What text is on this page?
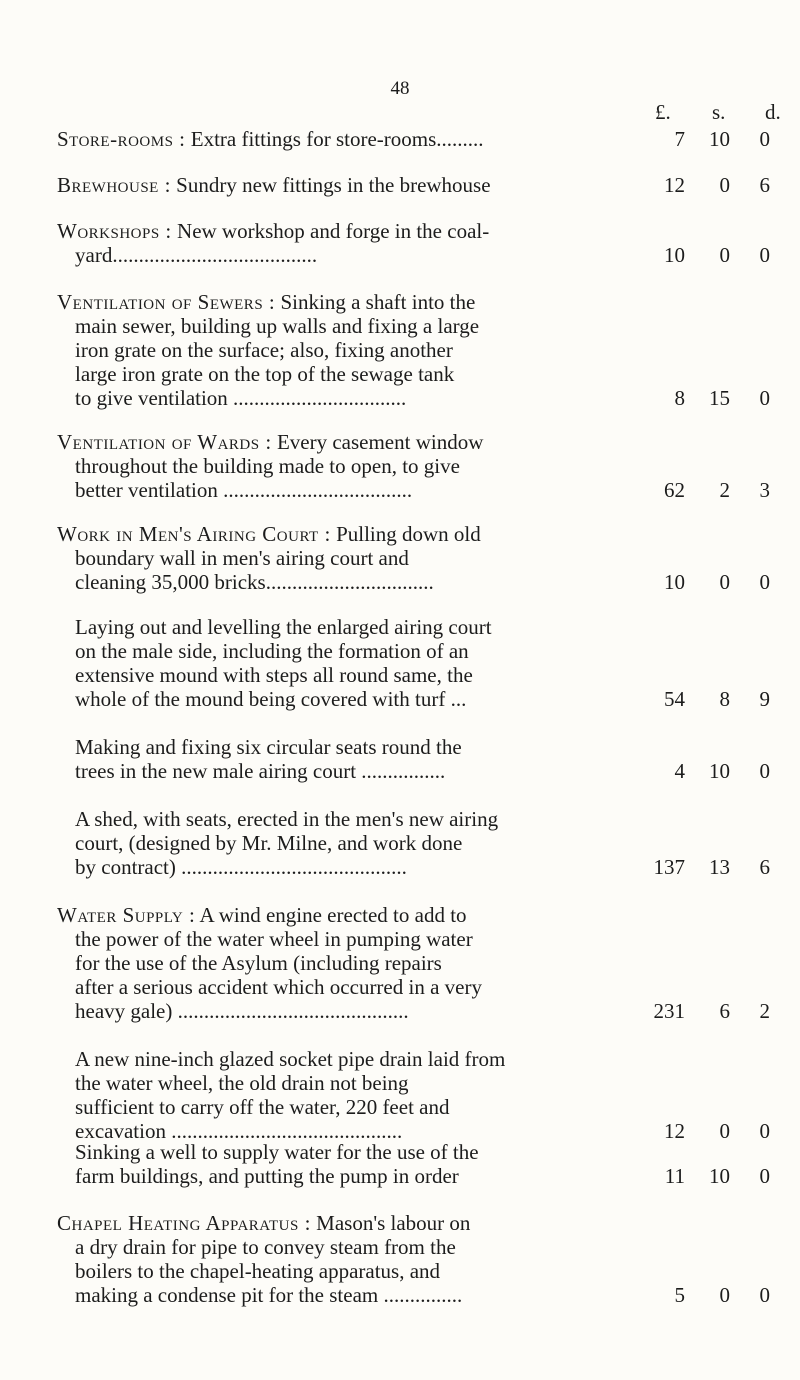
48
£. s. d.
Store-rooms : Extra fittings for store-rooms.........	7	10	0
Brewhouse : Sundry new fittings in the brewhouse	12	0	6
Workshops : New workshop and forge in the coal-
yard.......................................	10	0	0
Ventilation of Sewers : Sinking a shaft into the
main sewer, building up walls and fixing a large
iron grate on the surface; also, fixing another
large iron grate on the top of the sewage tank
to give ventilation .................................	8	15	0
Ventilation of Wards : Every casement window
throughout the building made to open, to give
better ventilation ....................................	62	2	3
Work in Men's Airing Court : Pulling down old
boundary wall in men's airing court and
cleaning 35,000 bricks................................	10	0	0
Laying out and levelling the enlarged airing court
on the male side, including the formation of an
extensive mound with steps all round same, the
whole of the mound being covered with turf ...	54	8	9
Making and fixing six circular seats round the
trees in the new male airing court ................	4	10	0
A shed, with seats, erected in the men's new airing
court, (designed by Mr. Milne, and work done
by contract) ...........................................	137	13	6
Water Supply : A wind engine erected to add to
the power of the water wheel in pumping water
for the use of the Asylum (including repairs
after a serious accident which occurred in a very
heavy gale) ............................................	231	6	2
A new nine-inch glazed socket pipe drain laid from
the water wheel, the old drain not being
sufficient to carry off the water, 220 feet and
excavation ............................................	12	0	0
Sinking a well to supply water for the use of the
farm buildings, and putting the pump in order	11	10	0
Chapel Heating Apparatus : Mason's labour on
a dry drain for pipe to convey steam from the
boilers to the chapel-heating apparatus, and
making a condense pit for the steam ...............	5	0	0
